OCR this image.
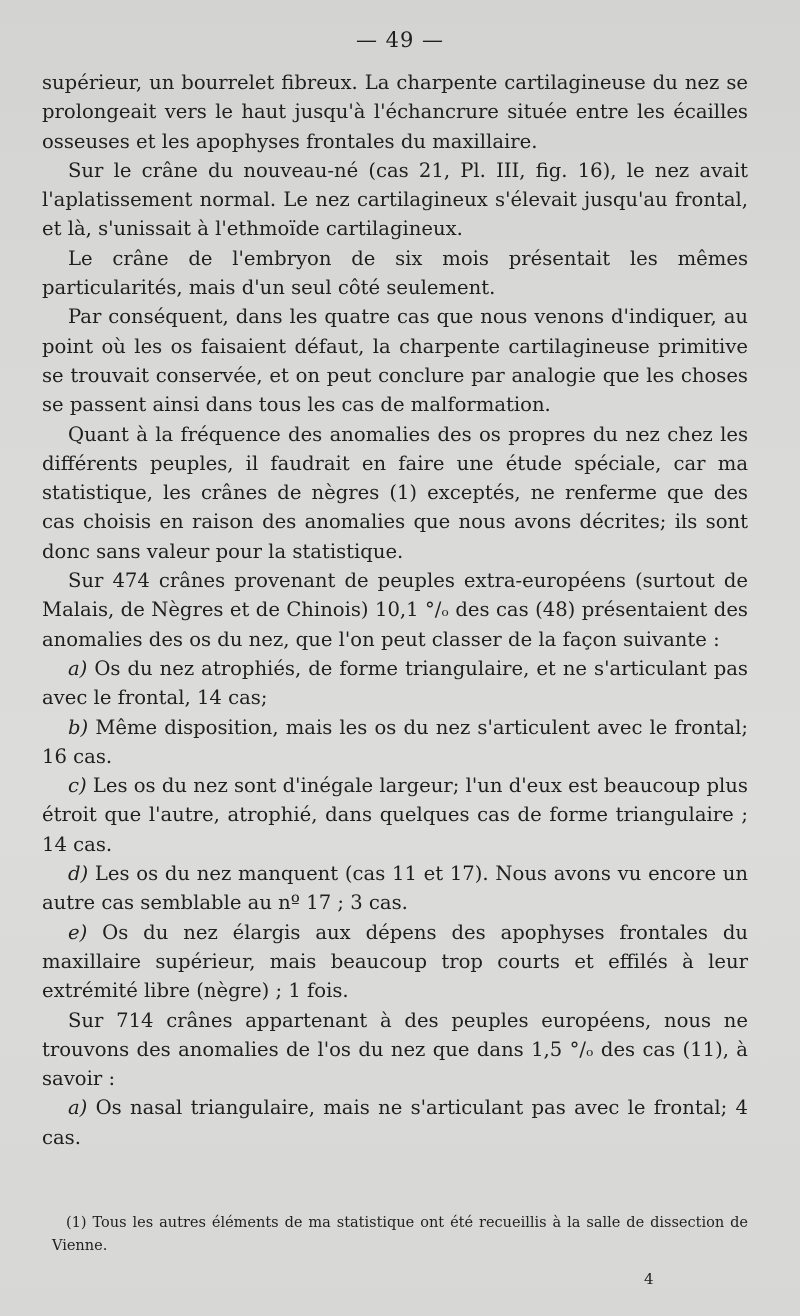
— 49 —

supérieur, un bourrelet fibreux. La charpente cartilagineuse du nez se prolongeait vers le haut jusqu'à l'échancrure située entre les écailles osseuses et les apophyses frontales du maxillaire.

Sur le crâne du nouveau-né (cas 21, Pl. III, fig. 16), le nez avait l'aplatissement normal. Le nez cartilagineux s'élevait jusqu'au frontal, et là, s'unissait à l'ethmoïde cartilagineux.

Le crâne de l'embryon de six mois présentait les mêmes particularités, mais d'un seul côté seulement.

Par conséquent, dans les quatre cas que nous venons d'indiquer, au point où les os faisaient défaut, la charpente cartilagineuse primitive se trouvait conservée, et on peut conclure par analogie que les choses se passent ainsi dans tous les cas de malformation.

Quant à la fréquence des anomalies des os propres du nez chez les différents peuples, il faudrait en faire une étude spéciale, car ma statistique, les crânes de nègres (1) exceptés, ne renferme que des cas choisis en raison des anomalies que nous avons décrites; ils sont donc sans valeur pour la statistique.

Sur 474 crânes provenant de peuples extra-européens (surtout de Malais, de Nègres et de Chinois) 10,1 °/ₒ des cas (48) présentaient des anomalies des os du nez, que l'on peut classer de la façon suivante :

a) Os du nez atrophiés, de forme triangulaire, et ne s'articulant pas avec le frontal, 14 cas;

b) Même disposition, mais les os du nez s'articulent avec le frontal; 16 cas.

c) Les os du nez sont d'inégale largeur; l'un d'eux est beaucoup plus étroit que l'autre, atrophié, dans quelques cas de forme triangulaire ; 14 cas.

d) Les os du nez manquent (cas 11 et 17). Nous avons vu encore un autre cas semblable au nº 17 ; 3 cas.

e) Os du nez élargis aux dépens des apophyses frontales du maxillaire supérieur, mais beaucoup trop courts et effilés à leur extrémité libre (nègre) ; 1 fois.

Sur 714 crânes appartenant à des peuples européens, nous ne trouvons des anomalies de l'os du nez que dans 1,5 °/ₒ des cas (11), à savoir :

a) Os nasal triangulaire, mais ne s'articulant pas avec le frontal; 4 cas.

(1) Tous les autres éléments de ma statistique ont été recueillis à la salle de dissection de Vienne.
4
